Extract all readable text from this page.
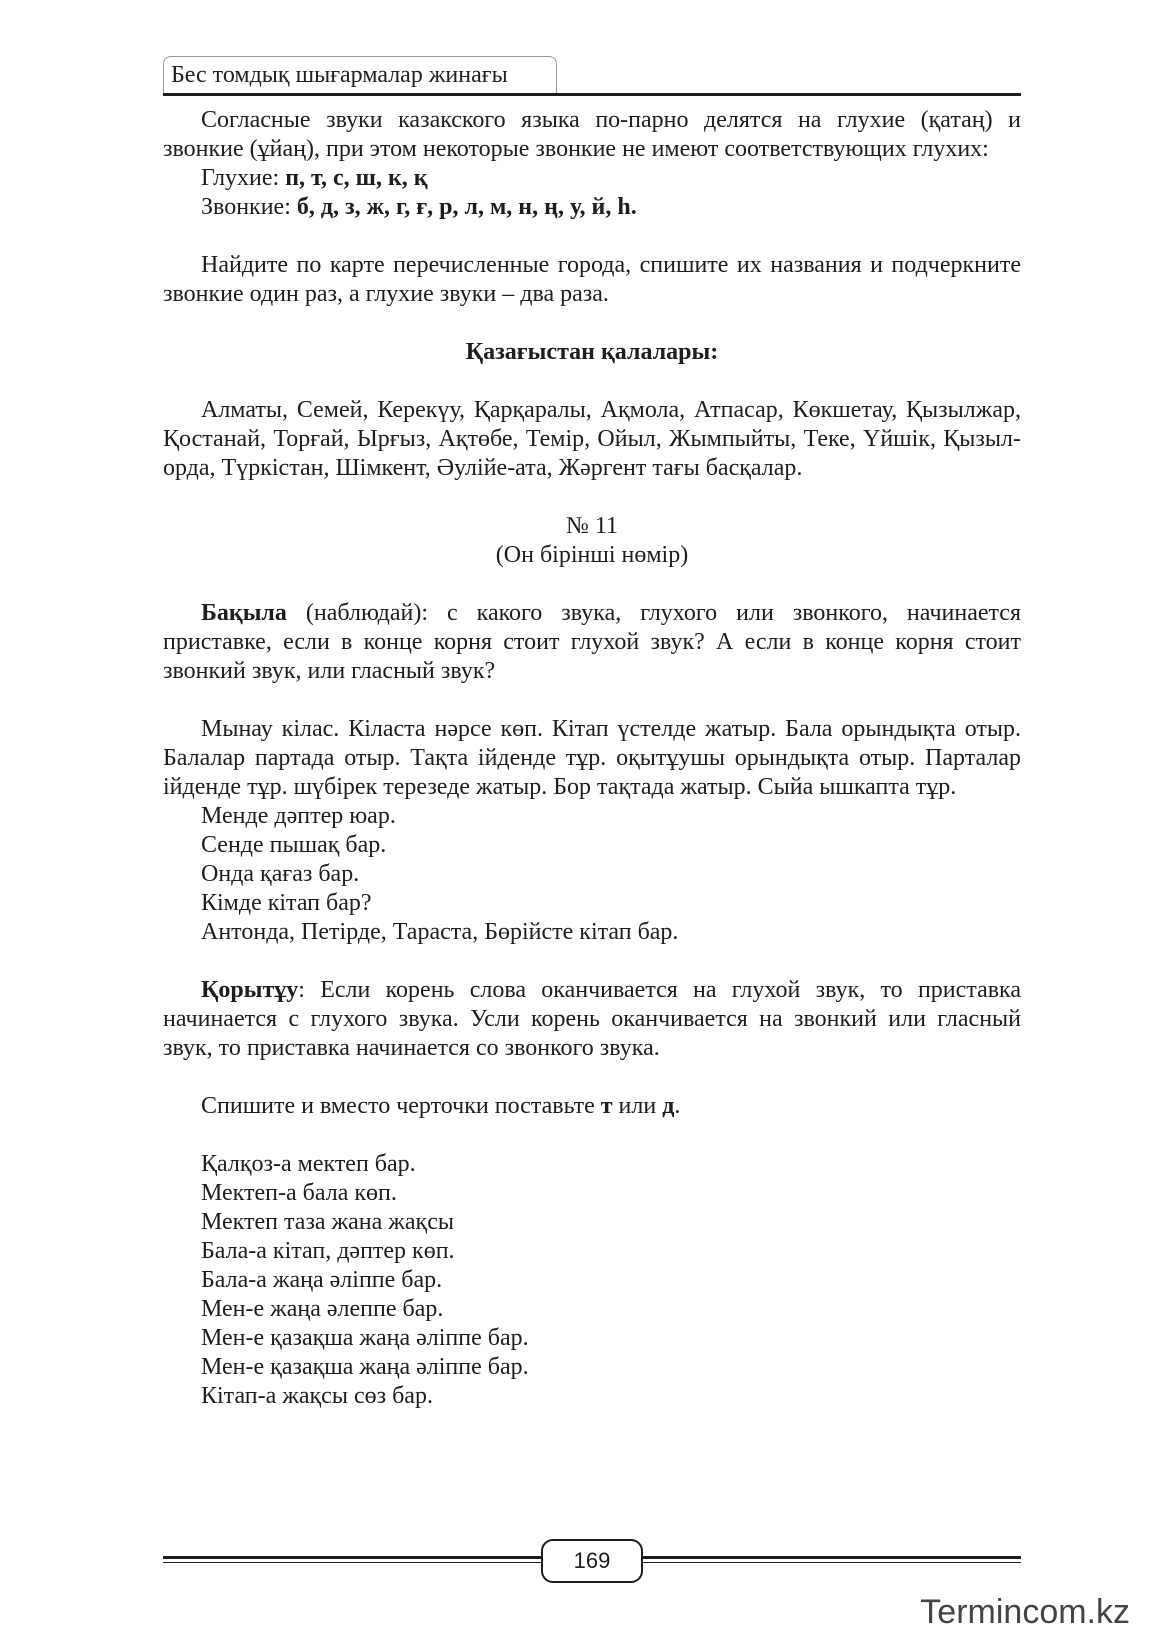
Бес томдық шығармалар жинағы

Согласные звуки казакского языка по-парно делятся на глухие (қатаң) и звонкие (ұйаң), при этом некоторые звонкие не имеют соответствующих глухих:

Глухие: п, т, с, ш, к, қ

Звонкие: б, д, з, ж, г, ғ, р, л, м, н, ң, у, й, һ.

Найдите по карте перечисленные города, спишите их названия и подчеркните звонкие один раз, а глухие звуки – два раза.

Қазағыстан қалалары:

Алматы, Семей, Керекүу, Қарқаралы, Ақмола, Атпасар, Көкшетау, Қызылжар, Қостанай, Торғай, Ырғыз, Ақтөбе, Темір, Ойыл, Жымпыйты, Теке, Үйшік, Қызыл-орда, Түркістан, Шімкент, Әулійе-ата, Жәргент тағы басқалар.

№ 11

(Он бірінші нөмір)

Бақыла (наблюдай): с какого звука, глухого или звонкого, начинается приставке, если в конце корня стоит глухой звук? А если в конце корня стоит звонкий звук, или гласный звук?

Мынау кілас. Кіласта нәрсе көп. Кітап үстелде жатыр. Бала орындықта отыр. Балалар партада отыр. Тақта ійденде тұр. оқытұушы орындықта отыр. Парталар ійденде тұр. шүбірек терезеде жатыр. Бор тақтада жатыр. Сыйа ышкапта тұр.

Менде дәптер юар.

Сенде пышақ бар.

Онда қағаз бар.

Кімде кітап бар?

Антонда, Петірде, Тараста, Бөрійсте кітап бар.

Қорытұу: Если корень слова оканчивается на глухой звук, то приставка начинается с глухого звука. Усли корень оканчивается на звонкий или гласный звук, то приставка начинается со звонкого звука.

Спишите и вместо черточки поставьте т или д.

Қалқоз-а мектеп бар.

Мектеп-а бала көп.

Мектеп таза жана жақсы

Бала-а кітап, дәптер көп.

Бала-а жаңа әліппе бар.

Мен-е жаңа әлеппе бар.

Мен-е қазақша жаңа әліппе бар.

Мен-е қазақша жаңа әліппе бар.

Кітап-а жақсы сөз бар.

169
Termincom.kz
